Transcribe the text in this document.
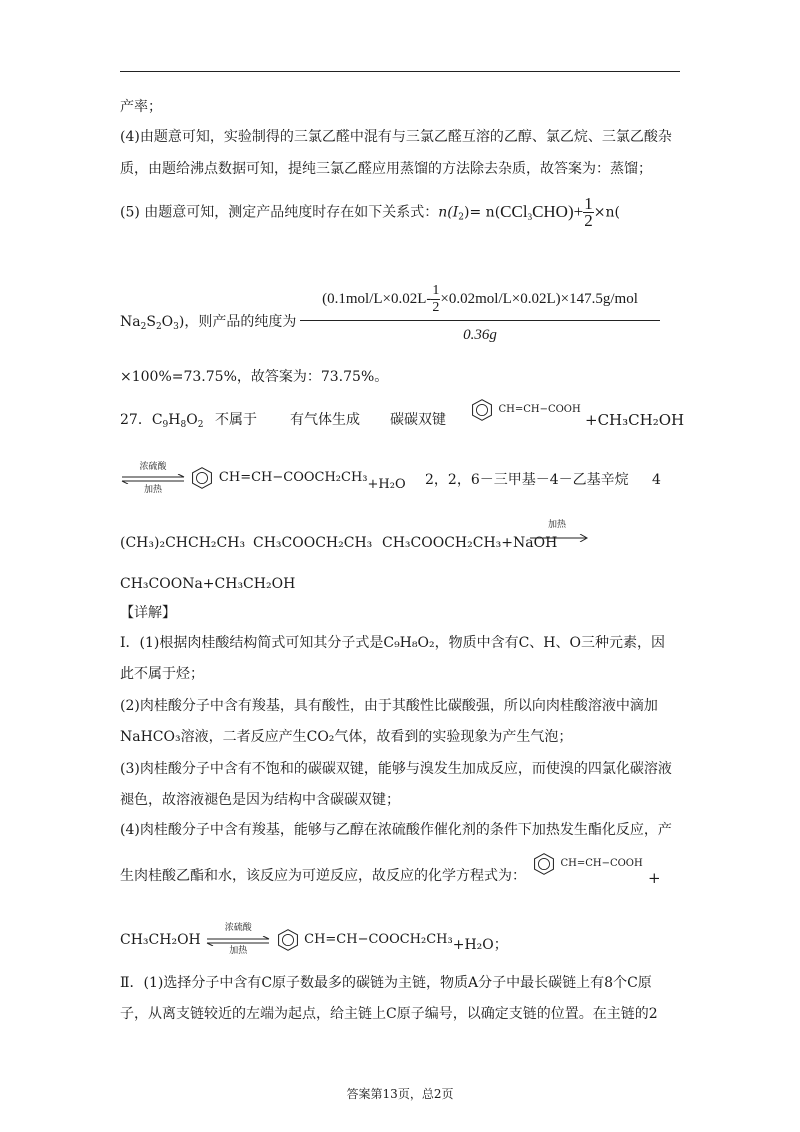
产率；
(4)由题意可知，实验制得的三氯乙醛中混有与三氯乙醛互溶的乙醇、氯乙烷、三氯乙酸杂
质，由题给沸点数据可知，提纯三氯乙醛应用蒸馏的方法除去杂质，故答案为：蒸馏；
(5) 由题意可知，测定产品纯度时存在如下关系式：$n(I_2)= n(CCl_3CHO)+ \frac{1}{2} \times n$(
$Na_2S_2O_3$)，则产品的纯度为
$(0.1mol/L\times 0.02L- \frac{1}{2} \times 0.02mol/L\times 0.02L)\times 147.5g/mol$
0.36g
×100%=73.75%，故答案为：73.75%。
27．$C_9H_8O_2$ 不属于 有气体生成 碳碳双键
CH=CH−COOH
+CH₃CH₂OH
浓硫酸
加热
CH=CH−COOCH₂CH₃+H₂O 2，2，6－三甲基－4－乙基辛烷 4
(CH₃)₂CHCH₂CH₃ CH₃COOCH₂CH₃ CH₃COOCH₂CH₃+NaOH
加热
CH₃COONa+CH₃CH₂OH
【详解】
Ⅰ．(1)根据肉桂酸结构简式可知其分子式是C₉H₈O₂，物质中含有C、H、O三种元素，因
此不属于烃；
(2)肉桂酸分子中含有羧基，具有酸性，由于其酸性比碳酸强，所以向肉桂酸溶液中滴加
NaHCO₃溶液，二者反应产生CO₂气体，故看到的实验现象为产生气泡；
(3)肉桂酸分子中含有不饱和的碳碳双键，能够与溴发生加成反应，而使溴的四氯化碳溶液
褪色，故溶液褪色是因为结构中含碳碳双键；
(4)肉桂酸分子中含有羧基，能够与乙醇在浓硫酸作催化剂的条件下加热发生酯化反应，产
生肉桂酸乙酯和水，该反应为可逆反应，故反应的化学方程式为：
CH=CH−COOH
+
CH₃CH₂OH
浓硫酸
加热
CH=CH−COOCH₂CH₃+H₂O；
Ⅱ．(1)选择分子中含有C原子数最多的碳链为主链，物质A分子中最长碳链上有8个C原
子，从离支链较近的左端为起点，给主链上C原子编号，以确定支链的位置。在主链的2
答案第13页，总2页
